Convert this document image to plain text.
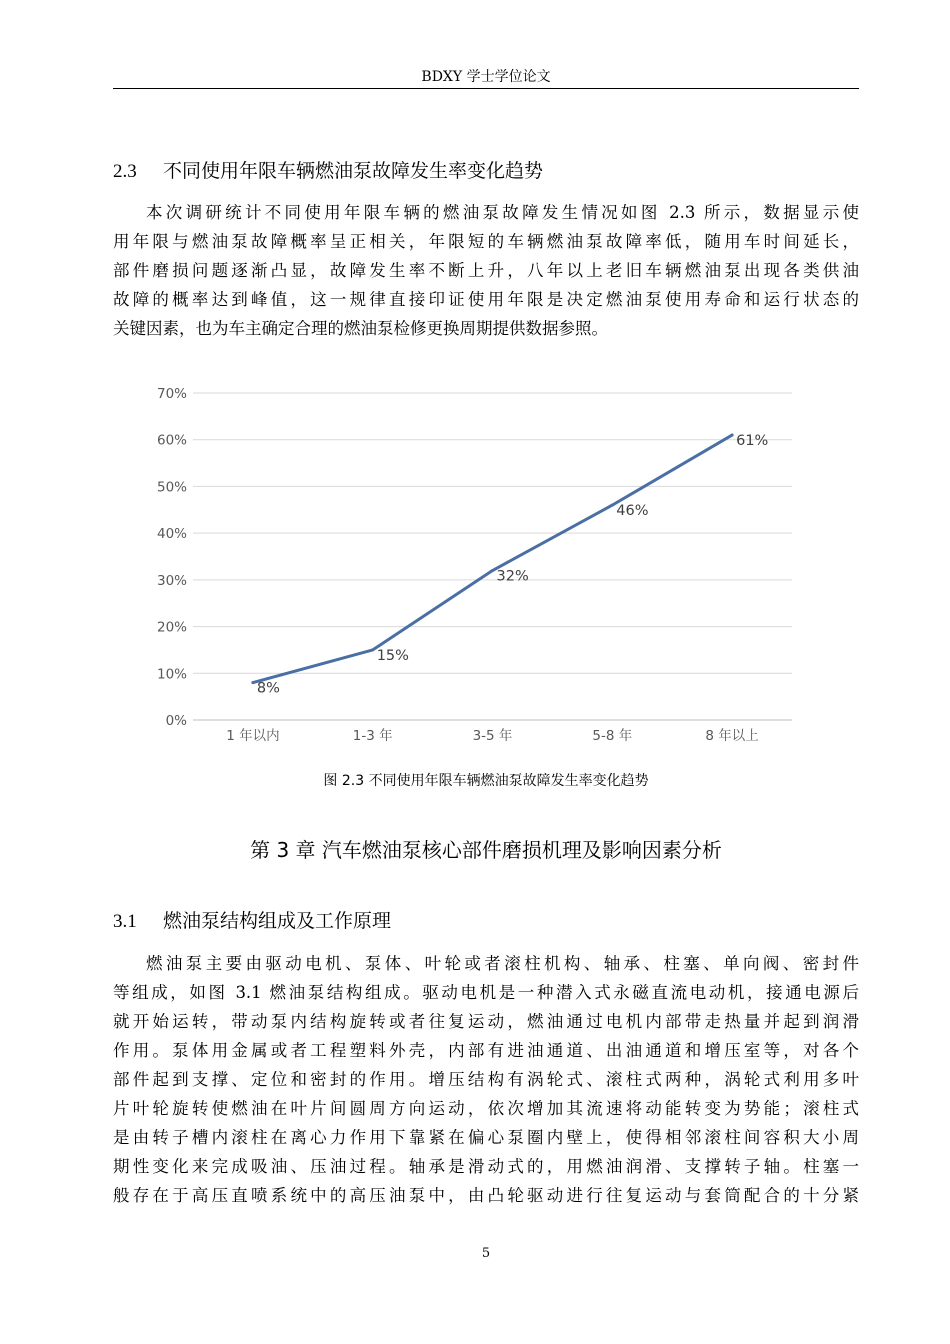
BDXY 学士学位论文
2.3 不同使用年限车辆燃油泵故障发生率变化趋势
本次调研统计不同使用年限车辆的燃油泵故障发生情况如图 2.3 所示，数据显示使
用年限与燃油泵故障概率呈正相关，年限短的车辆燃油泵故障率低，随用车时间延长，
部件磨损问题逐渐凸显，故障发生率不断上升，八年以上老旧车辆燃油泵出现各类供油
故障的概率达到峰值，这一规律直接印证使用年限是决定燃油泵使用寿命和运行状态的
关键因素，也为车主确定合理的燃油泵检修更换周期提供数据参照。
0%
10%
20%
30%
40%
50%
60%
70%
1 年以内	1-3 年	3-5 年	5-8 年	8 年以上
8%
15%
32%
46%
61%
图 2.3 不同使用年限车辆燃油泵故障发生率变化趋势
第 3 章 汽车燃油泵核心部件磨损机理及影响因素分析
3.1 燃油泵结构组成及工作原理
燃油泵主要由驱动电机、泵体、叶轮或者滚柱机构、轴承、柱塞、单向阀、密封件
等组成，如图 3.1 燃油泵结构组成。驱动电机是一种潜入式永磁直流电动机，接通电源后
就开始运转，带动泵内结构旋转或者往复运动，燃油通过电机内部带走热量并起到润滑
作用。泵体用金属或者工程塑料外壳，内部有进油通道、出油通道和增压室等，对各个
部件起到支撑、定位和密封的作用。增压结构有涡轮式、滚柱式两种，涡轮式利用多叶
片叶轮旋转使燃油在叶片间圆周方向运动，依次增加其流速将动能转变为势能；滚柱式
是由转子槽内滚柱在离心力作用下靠紧在偏心泵圈内壁上，使得相邻滚柱间容积大小周
期性变化来完成吸油、压油过程。轴承是滑动式的，用燃油润滑、支撑转子轴。柱塞一
般存在于高压直喷系统中的高压油泵中，由凸轮驱动进行往复运动与套筒配合的十分紧
5
